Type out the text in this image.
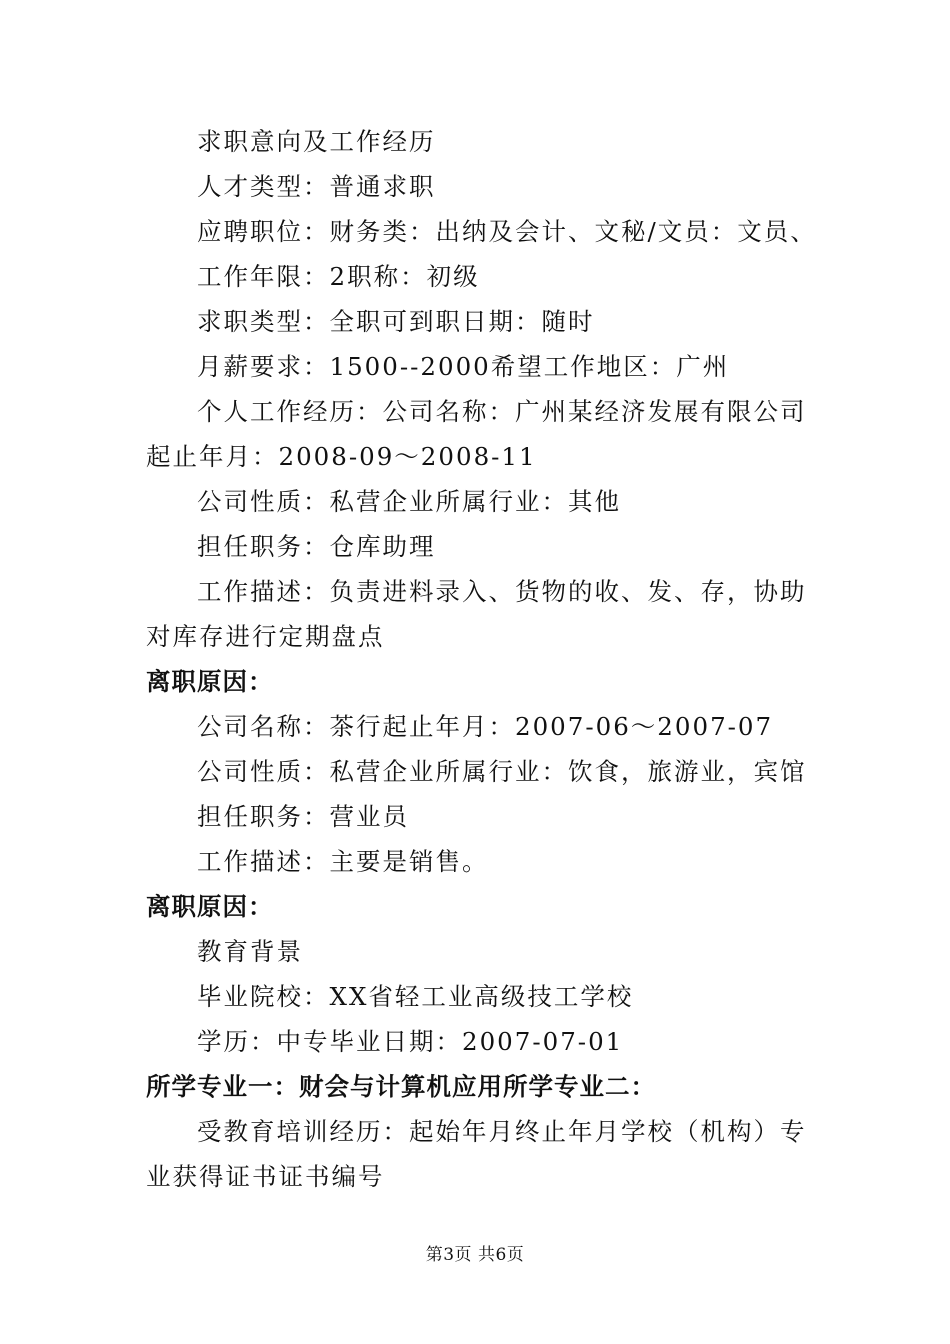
求职意向及工作经历

人才类型：普通求职

应聘职位：财务类：出纳及会计、文秘/文员：文员、

工作年限：2职称：初级

求职类型：全职可到职日期：随时

月薪要求：1500--2000希望工作地区：广州

个人工作经历：公司名称：广州某经济发展有限公司起止年月：2008-09～2008-11

公司性质：私营企业所属行业：其他

担任职务：仓库助理

工作描述：负责进料录入、货物的收、发、存，协助对库存进行定期盘点

离职原因：

公司名称：茶行起止年月：2007-06～2007-07

公司性质：私营企业所属行业：饮食，旅游业，宾馆

担任职务：营业员

工作描述：主要是销售。

离职原因：

教育背景

毕业院校：XX省轻工业高级技工学校

学历：中专毕业日期：2007-07-01

所学专业一：财会与计算机应用所学专业二：

受教育培训经历：起始年月终止年月学校（机构）专业获得证书证书编号

第3页 共6页
